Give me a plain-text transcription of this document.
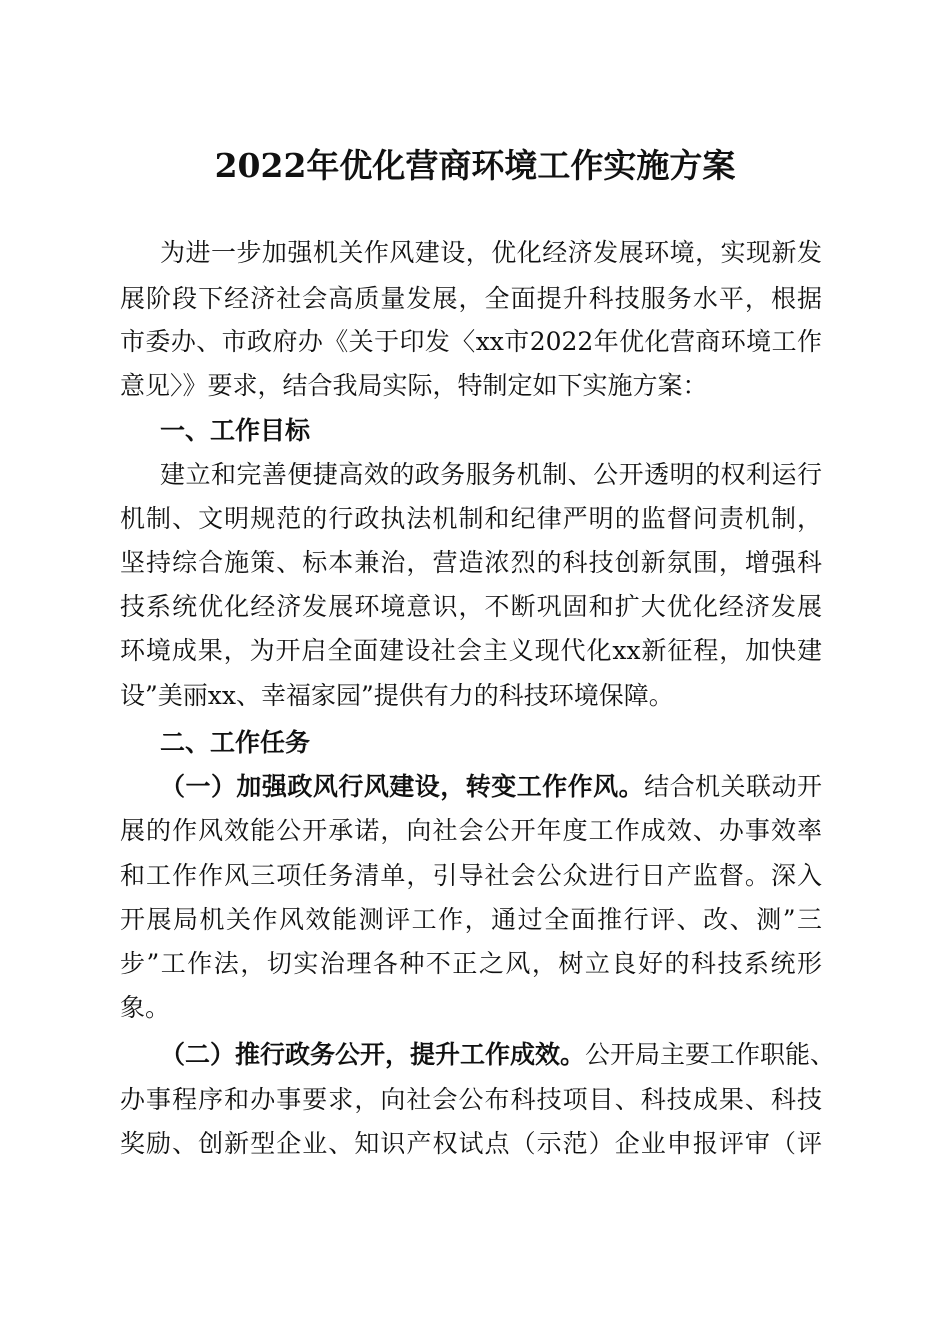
2022年优化营商环境工作实施方案
为进一步加强机关作风建设，优化经济发展环境，实现新发
展阶段下经济社会高质量发展，全面提升科技服务水平，根据
市委办、市政府办《关于印发〈xx市2022年优化营商环境工作
意见〉》要求，结合我局实际，特制定如下实施方案：
一、工作目标
建立和完善便捷高效的政务服务机制、公开透明的权利运行
机制、文明规范的行政执法机制和纪律严明的监督问责机制，
坚持综合施策、标本兼治，营造浓烈的科技创新氛围，增强科
技系统优化经济发展环境意识，不断巩固和扩大优化经济发展
环境成果，为开启全面建设社会主义现代化xx新征程，加快建
设”美丽xx、幸福家园”提供有力的科技环境保障。
二、工作任务
（一）加强政风行风建设，转变工作作风。结合机关联动开
展的作风效能公开承诺，向社会公开年度工作成效、办事效率
和工作作风三项任务清单，引导社会公众进行日产监督。深入
开展局机关作风效能测评工作，通过全面推行评、改、测”三
步”工作法，切实治理各种不正之风，树立良好的科技系统形
象。
（二）推行政务公开，提升工作成效。公开局主要工作职能、
办事程序和办事要求，向社会公布科技项目、科技成果、科技
奖励、创新型企业、知识产权试点（示范）企业申报评审（评
